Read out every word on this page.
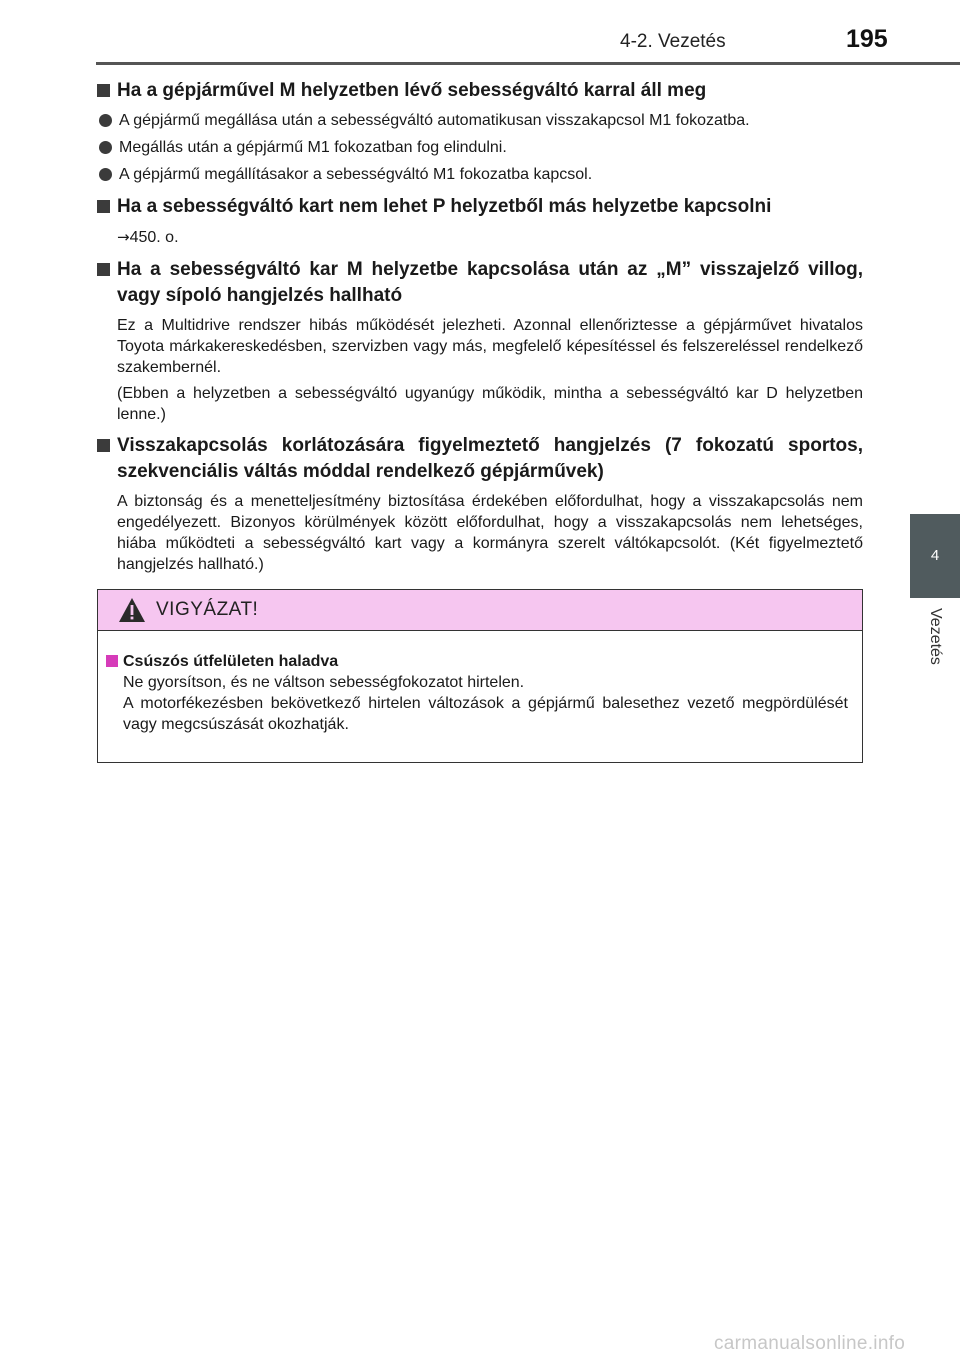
4-2. Vezetés	195
4
Vezetés
Ha a gépjárművel M helyzetben lévő sebességváltó karral áll meg
A gépjármű megállása után a sebességváltó automatikusan visszakapcsol M1 fokozatba.
Megállás után a gépjármű M1 fokozatban fog elindulni.
A gépjármű megállításakor a sebességváltó M1 fokozatba kapcsol.
Ha a sebességváltó kart nem lehet P helyzetből más helyzetbe kapcsolni
→450. o.
Ha a sebességváltó kar M helyzetbe kapcsolása után az „M” visszajelző villog, vagy sípoló hangjelzés hallható
Ez a Multidrive rendszer hibás működését jelezheti. Azonnal ellenőriztesse a gépjárművet hivatalos Toyota márkakereskedésben, szervizben vagy más, megfelelő képesítéssel és felszereléssel rendelkező szakembernél.
(Ebben a helyzetben a sebességváltó ugyanúgy működik, mintha a sebességváltó kar D helyzetben lenne.)
Visszakapcsolás korlátozására figyelmeztető hangjelzés (7 fokozatú sportos, szekvenciális váltás móddal rendelkező gépjárművek)
A biztonság és a menetteljesítmény biztosítása érdekében előfordulhat, hogy a visszakapcsolás nem engedélyezett. Bizonyos körülmények között előfordulhat, hogy a visszakapcsolás nem lehetséges, hiába működteti a sebességváltó kart vagy a kormányra szerelt váltókapcsolót. (Két figyelmeztető hangjelzés hallható.)
VIGYÁZAT!
Csúszós útfelületen haladva
Ne gyorsítson, és ne váltson sebességfokozatot hirtelen.
A motorfékezésben bekövetkező hirtelen változások a gépjármű balesethez vezető megpördülését vagy megcsúszását okozhatják.
carmanualsonline.info
